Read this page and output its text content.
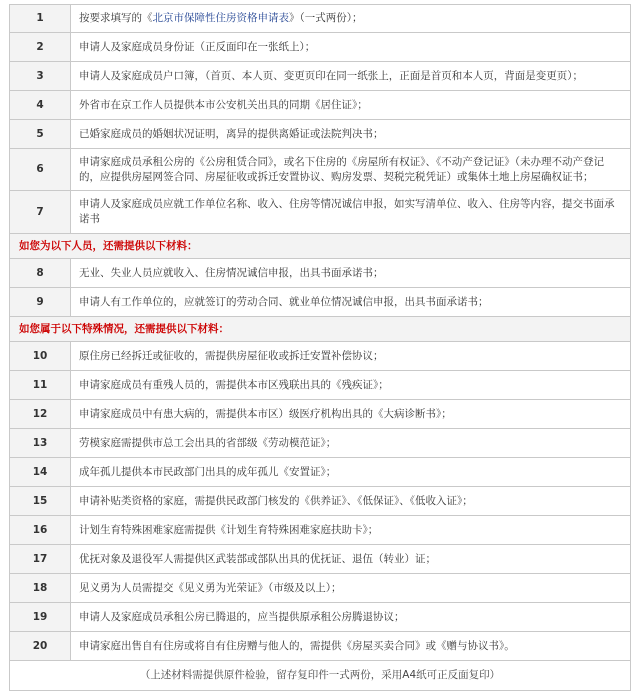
1	按要求填写的《北京市保障性住房资格申请表》（一式两份）；
2	申请人及家庭成员身份证（正反面印在一张纸上）；
3	申请人及家庭成员户口簿，（首页、本人页、变更页印在同一纸张上，正面是首页和本人页，背面是变更页）；
4	外省市在京工作人员提供本市公安机关出具的同期《居住证》；
5	已婚家庭成员的婚姻状况证明，离异的提供离婚证或法院判决书；
6	申请家庭成员承租公房的《公房租赁合同》，或名下住房的《房屋所有权证》、《不动产登记证》（未办理不动产登记的，应提供房屋网签合同、房屋征收或拆迁安置协议、购房发票、契税完税凭证）或集体土地上房屋确权证书；
7	申请人及家庭成员应就工作单位名称、收入、住房等情况诚信申报，如实写清单位、收入、住房等内容，提交书面承诺书
如您为以下人员，还需提供以下材料：	
8	无业、失业人员应就收入、住房情况诚信申报，出具书面承诺书；
9	申请人有工作单位的，应就签订的劳动合同、就业单位情况诚信申报，出具书面承诺书；
如您属于以下特殊情况，还需提供以下材料：	
10	原住房已经拆迁或征收的，需提供房屋征收或拆迁安置补偿协议；
11	申请家庭成员有重残人员的，需提供本市区残联出具的《残疾证》；
12	申请家庭成员中有患大病的，需提供本市区）级医疗机构出具的《大病诊断书》；
13	劳模家庭需提供市总工会出具的省部级《劳动模范证》；
14	成年孤儿提供本市民政部门出具的成年孤儿《安置证》；
15	申请补贴类资格的家庭，需提供民政部门核发的《供养证》、《低保证》、《低收入证》；
16	计划生育特殊困难家庭需提供《计划生育特殊困难家庭扶助卡》；
17	优抚对象及退役军人需提供区武装部或部队出具的优抚证、退伍（转业）证；
18	见义勇为人员需提交《见义勇为光荣证》（市级及以上）；
19	申请人及家庭成员承租公房已腾退的，应当提供原承租公房腾退协议；
20	申请家庭出售自有住房或将自有住房赠与他人的，需提供《房屋买卖合同》或《赠与协议书》。
（上述材料需提供原件检验，留存复印件一式两份，采用A4纸可正反面复印）	
